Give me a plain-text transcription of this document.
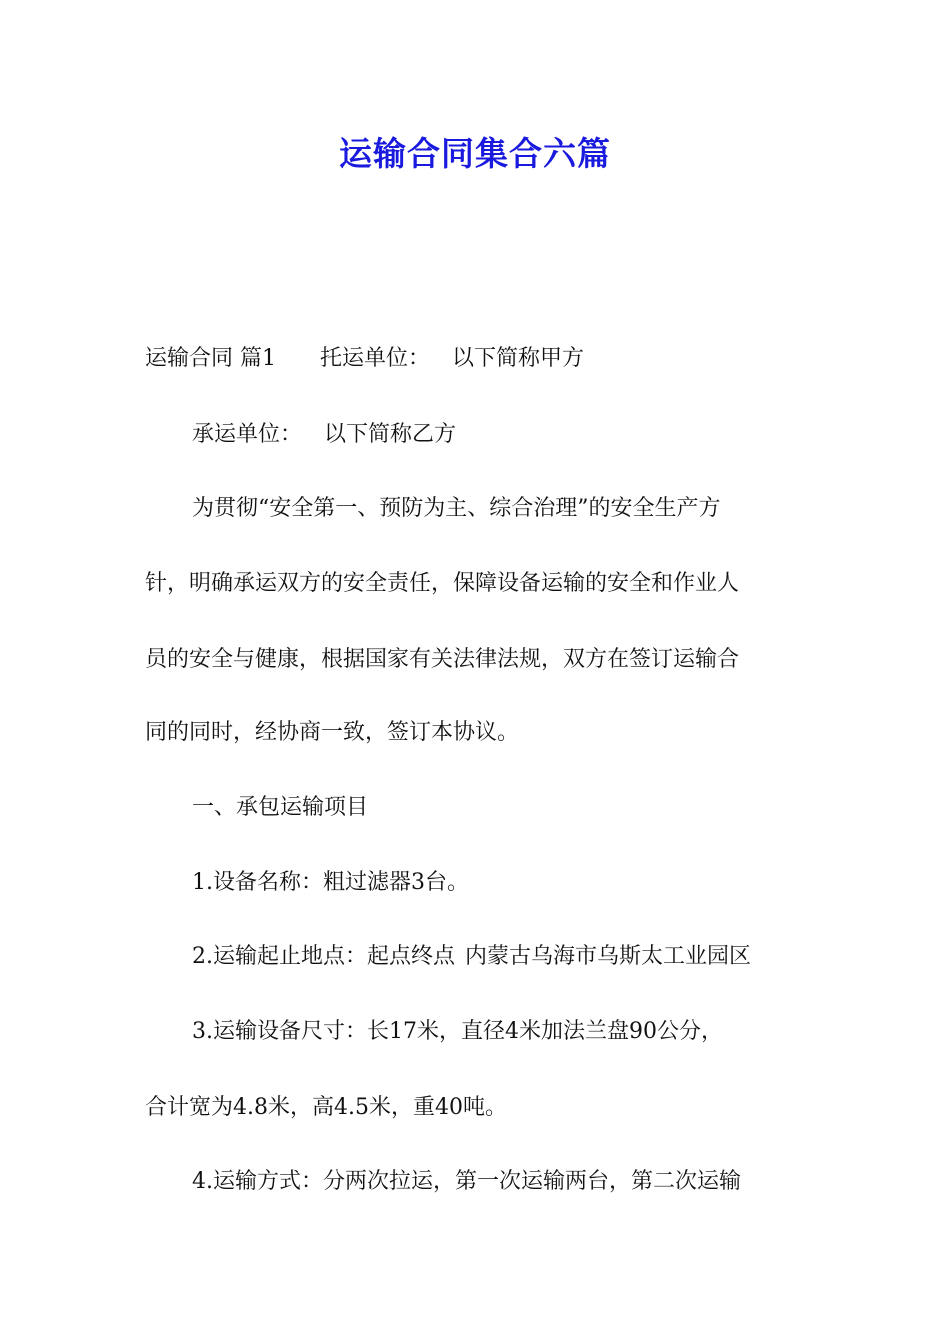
运输合同集合六篇
运输合同 篇1 托运单位： 以下简称甲方
承运单位： 以下简称乙方
为贯彻“安全第一、预防为主、综合治理”的安全生产方
针，明确承运双方的安全责任，保障设备运输的安全和作业人
员的安全与健康，根据国家有关法律法规，双方在签订运输合
同的同时，经协商一致，签订本协议。
一、承包运输项目
1.设备名称：粗过滤器3台。
2.运输起止地点：起点终点 内蒙古乌海市乌斯太工业园区
3.运输设备尺寸：长17米，直径4米加法兰盘90公分，
合计宽为4.8米，高4.5米，重40吨。
4.运输方式：分两次拉运，第一次运输两台，第二次运输
